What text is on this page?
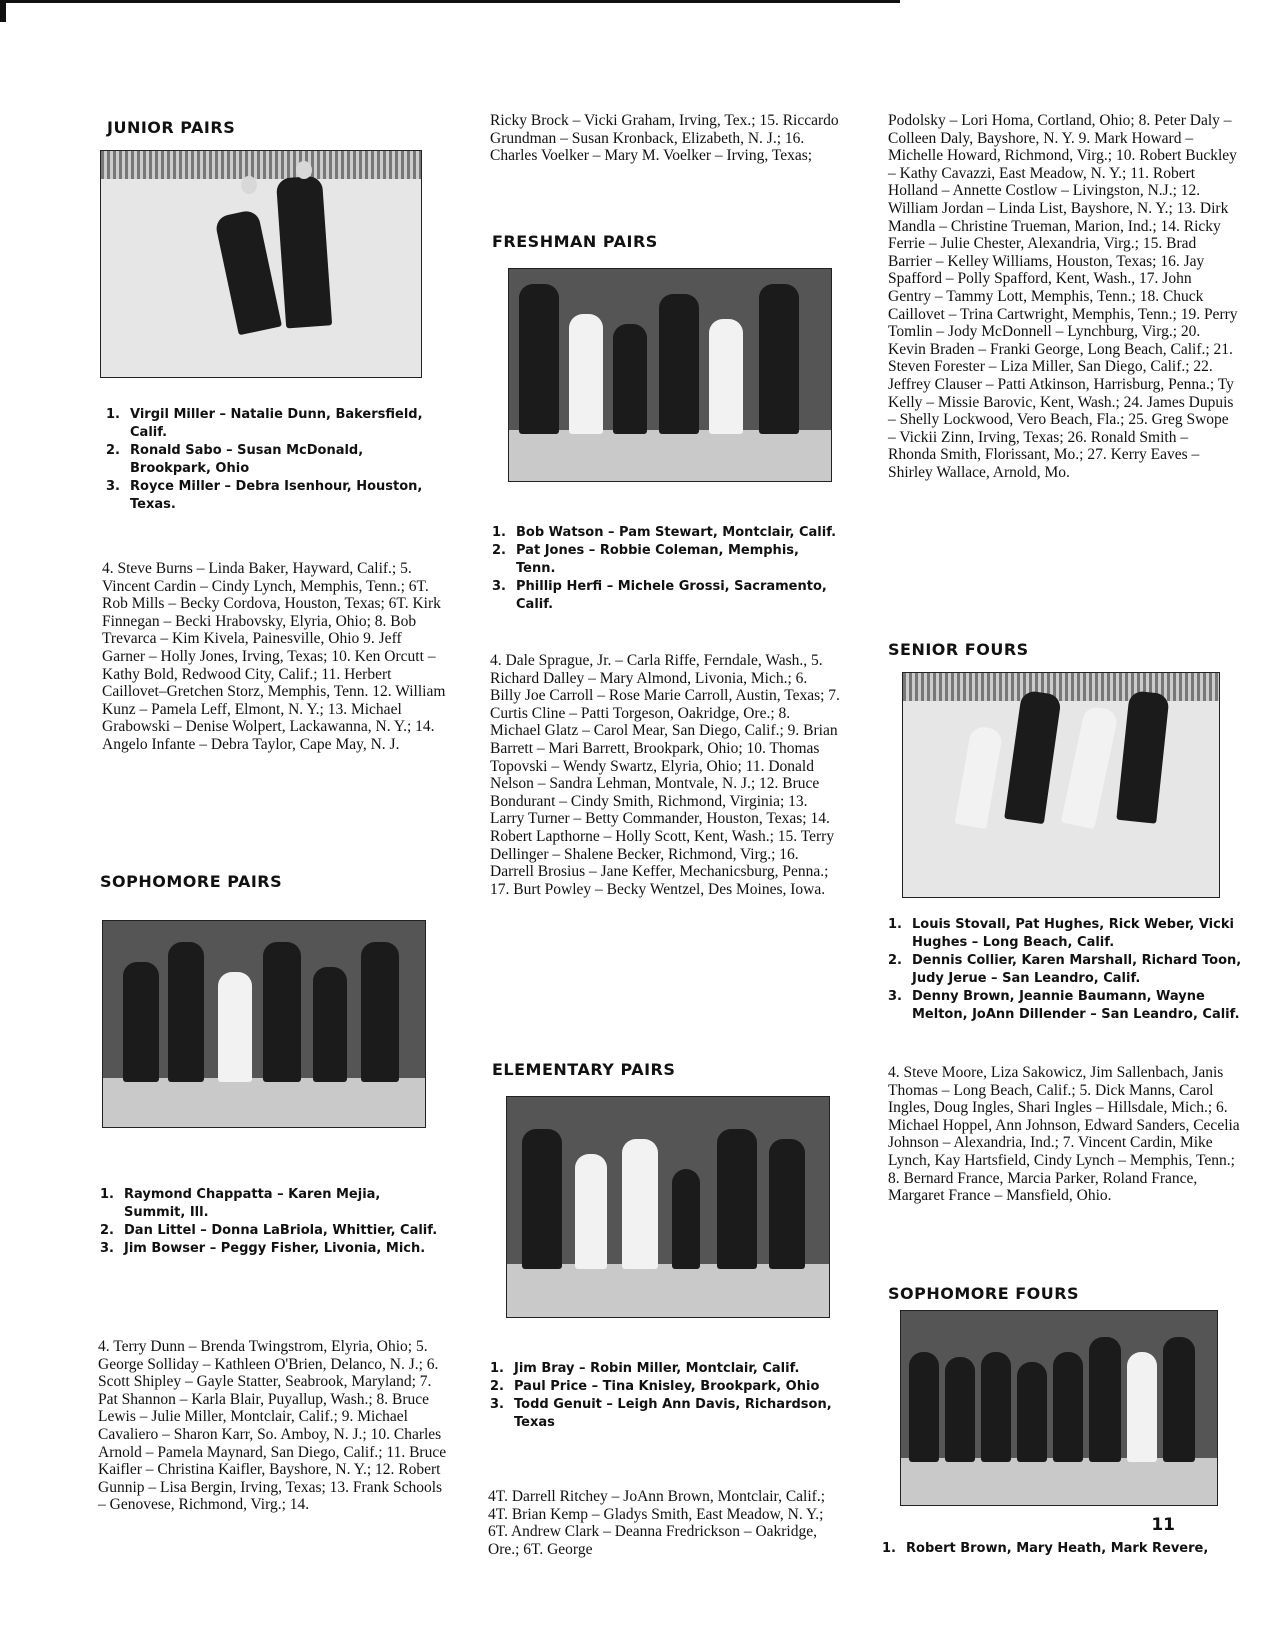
JUNIOR PAIRS
1. Virgil Miller – Natalie Dunn, Bakersfield, Calif.
2. Ronald Sabo – Susan McDonald, Brookpark, Ohio
3. Royce Miller – Debra Isenhour, Houston, Texas.

4. Steve Burns – Linda Baker, Hayward, Calif.; 5. Vincent Cardin – Cindy Lynch, Memphis, Tenn.; 6T. Rob Mills – Becky Cordova, Houston, Texas; 6T. Kirk Finnegan – Becki Hrabovsky, Elyria, Ohio; 8. Bob Trevarca – Kim Kivela, Painesville, Ohio 9. Jeff Garner – Holly Jones, Irving, Texas; 10. Ken Orcutt – Kathy Bold, Redwood City, Calif.; 11. Herbert Caillovet–Gretchen Storz, Memphis, Tenn. 12. William Kunz – Pamela Leff, Elmont, N. Y.; 13. Michael Grabowski – Denise Wolpert, Lackawanna, N. Y.; 14. Angelo Infante – Debra Taylor, Cape May, N. J.

SOPHOMORE PAIRS
1. Raymond Chappatta – Karen Mejia, Summit, Ill.
2. Dan Littel – Donna LaBriola, Whittier, Calif.
3. Jim Bowser – Peggy Fisher, Livonia, Mich.

4. Terry Dunn – Brenda Twingstrom, Elyria, Ohio; 5. George Solliday – Kathleen O'Brien, Delanco, N. J.; 6. Scott Shipley – Gayle Statter, Seabrook, Maryland; 7. Pat Shannon – Karla Blair, Puyallup, Wash.; 8. Bruce Lewis – Julie Miller, Montclair, Calif.; 9. Michael Cavaliero – Sharon Karr, So. Amboy, N. J.; 10. Charles Arnold – Pamela Maynard, San Diego, Calif.; 11. Bruce Kaifler – Christina Kaifler, Bayshore, N. Y.; 12. Robert Gunnip – Lisa Bergin, Irving, Texas; 13. Frank Schools – Genovese, Richmond, Virg.; 14.

Ricky Brock – Vicki Graham, Irving, Tex.; 15. Riccardo Grundman – Susan Kronback, Elizabeth, N. J.; 16. Charles Voelker – Mary M. Voelker – Irving, Texas;

FRESHMAN PAIRS
1. Bob Watson – Pam Stewart, Montclair, Calif.
2. Pat Jones – Robbie Coleman, Memphis, Tenn.
3. Phillip Herfi – Michele Grossi, Sacramento, Calif.

4. Dale Sprague, Jr. – Carla Riffe, Ferndale, Wash., 5. Richard Dalley – Mary Almond, Livonia, Mich.; 6. Billy Joe Carroll – Rose Marie Carroll, Austin, Texas; 7. Curtis Cline – Patti Torgeson, Oakridge, Ore.; 8. Michael Glatz – Carol Mear, San Diego, Calif.; 9. Brian Barrett – Mari Barrett, Brookpark, Ohio; 10. Thomas Topovski – Wendy Swartz, Elyria, Ohio; 11. Donald Nelson – Sandra Lehman, Montvale, N. J.; 12. Bruce Bondurant – Cindy Smith, Richmond, Virginia; 13. Larry Turner – Betty Commander, Houston, Texas; 14. Robert Lapthorne – Holly Scott, Kent, Wash.; 15. Terry Dellinger – Shalene Becker, Richmond, Virg.; 16. Darrell Brosius – Jane Keffer, Mechanicsburg, Penna.; 17. Burt Powley – Becky Wentzel, Des Moines, Iowa.

ELEMENTARY PAIRS
1. Jim Bray – Robin Miller, Montclair, Calif.
2. Paul Price – Tina Knisley, Brookpark, Ohio
3. Todd Genuit – Leigh Ann Davis, Richardson, Texas

4T. Darrell Ritchey – JoAnn Brown, Montclair, Calif.; 4T. Brian Kemp – Gladys Smith, East Meadow, N. Y.; 6T. Andrew Clark – Deanna Fredrickson – Oakridge, Ore.; 6T. George

Podolsky – Lori Homa, Cortland, Ohio; 8. Peter Daly – Colleen Daly, Bayshore, N. Y. 9. Mark Howard – Michelle Howard, Richmond, Virg.; 10. Robert Buckley – Kathy Cavazzi, East Meadow, N. Y.; 11. Robert Holland – Annette Costlow – Livingston, N.J.; 12. William Jordan – Linda List, Bayshore, N. Y.; 13. Dirk Mandla – Christine Trueman, Marion, Ind.; 14. Ricky Ferrie – Julie Chester, Alexandria, Virg.; 15. Brad Barrier – Kelley Williams, Houston, Texas; 16. Jay Spafford – Polly Spafford, Kent, Wash., 17. John Gentry – Tammy Lott, Memphis, Tenn.; 18. Chuck Caillovet – Trina Cartwright, Memphis, Tenn.; 19. Perry Tomlin – Jody McDonnell – Lynchburg, Virg.; 20. Kevin Braden – Franki George, Long Beach, Calif.; 21. Steven Forester – Liza Miller, San Diego, Calif.; 22. Jeffrey Clauser – Patti Atkinson, Harrisburg, Penna.; Ty Kelly – Missie Barovic, Kent, Wash.; 24. James Dupuis – Shelly Lockwood, Vero Beach, Fla.; 25. Greg Swope – Vickii Zinn, Irving, Texas; 26. Ronald Smith – Rhonda Smith, Florissant, Mo.; 27. Kerry Eaves – Shirley Wallace, Arnold, Mo.

SENIOR FOURS
1. Louis Stovall, Pat Hughes, Rick Weber, Vicki Hughes – Long Beach, Calif.
2. Dennis Collier, Karen Marshall, Richard Toon, Judy Jerue – San Leandro, Calif.
3. Denny Brown, Jeannie Baumann, Wayne Melton, JoAnn Dillender – San Leandro, Calif.

4. Steve Moore, Liza Sakowicz, Jim Sallenbach, Janis Thomas – Long Beach, Calif.; 5. Dick Manns, Carol Ingles, Doug Ingles, Shari Ingles – Hillsdale, Mich.; 6. Michael Hoppel, Ann Johnson, Edward Sanders, Cecelia Johnson – Alexandria, Ind.; 7. Vincent Cardin, Mike Lynch, Kay Hartsfield, Cindy Lynch – Memphis, Tenn.; 8. Bernard France, Marcia Parker, Roland France, Margaret France – Mansfield, Ohio.

SOPHOMORE FOURS
1. Robert Brown, Mary Heath, Mark Revere,
11
